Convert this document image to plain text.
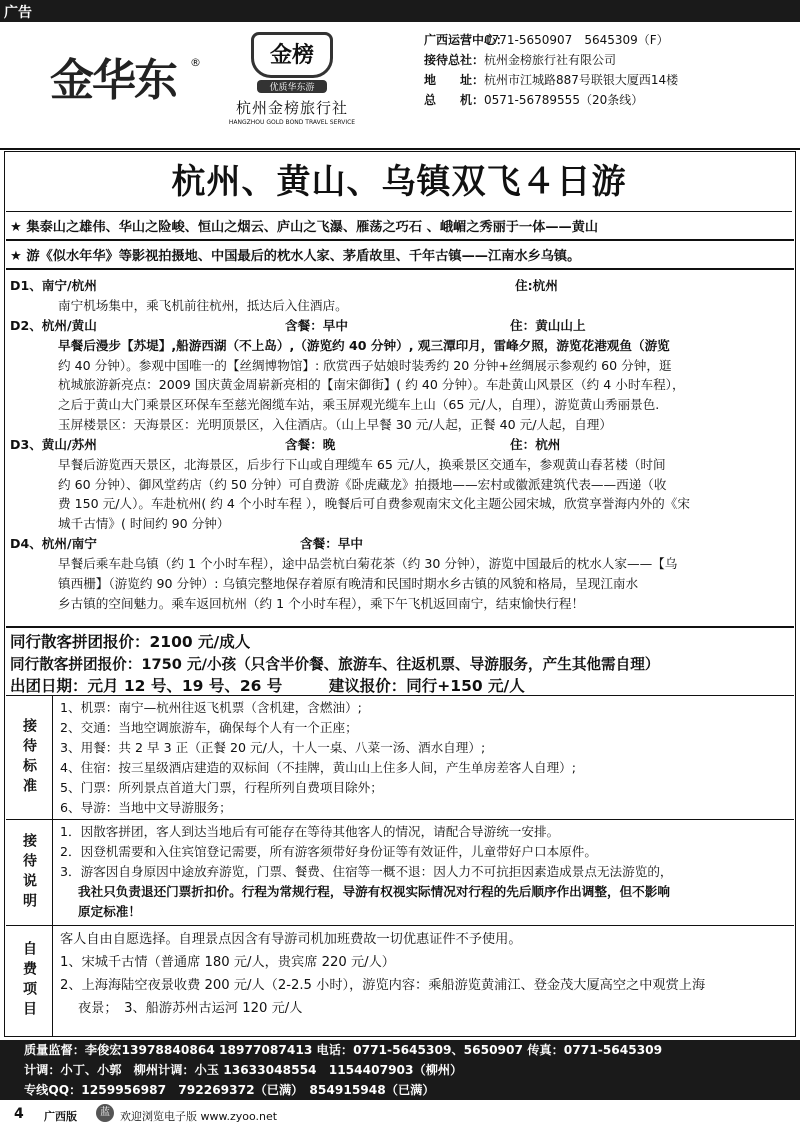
广告
金华东 ®	金榜
优质华东游
杭州金榜旅行社
HANGZHOU GOLD BOND TRAVEL SERVICE
广西运营中心：0771-5650907　5645309（F）
接待总社：杭州金榜旅行社有限公司
地　　址：杭州市江城路887号联银大厦西14楼
总　　机：0571-56789555（20条线）
杭州、黄山、乌镇双飞４日游
★ 集泰山之雄伟、华山之险峻、恒山之烟云、庐山之飞瀑、雁荡之巧石 、峨嵋之秀丽于一体——黄山
★ 游《似水年华》等影视拍摄地、中国最后的枕水人家、茅盾故里、千年古镇——江南水乡乌镇。
D1、南宁/杭州	住:杭州
南宁机场集中，乘飞机前往杭州，抵达后入住酒店。
D2、杭州/黄山	含餐：早中	住：黄山山上
早餐后漫步【苏堤】,船游西湖（不上岛）,（游览约 40 分钟）, 观三潭印月，雷峰夕照，游览花港观鱼（游览
约 40 分钟）。参观中国唯一的【丝绸博物馆】: 欣赏西子姑娘时装秀约 20 分钟+丝绸展示参观约 60 分钟，逛
杭城旅游新亮点：2009 国庆黄金周崭新亮相的【南宋御街】( 约 40 分钟）。车赴黄山风景区（约 4 小时车程），
之后于黄山大门乘景区环保车至慈光阁缆车站，乘玉屏观光缆车上山（65 元/人，自理），游览黄山秀丽景色.
玉屏楼景区：天海景区：光明顶景区，入住酒店。（山上早餐 30 元/人起，正餐 40 元/人起，自理）
D3、黄山/苏州	含餐：晚	住：杭州
早餐后游览西天景区，北海景区，后步行下山或自理缆车 65 元/人，换乘景区交通车，参观黄山春茗楼（时间
约 60 分钟）、御风堂药店（约 50 分钟）可自费游《卧虎藏龙》拍摄地——宏村或徽派建筑代表——西递（收
费 150 元/人）。车赴杭州( 约 4 个小时车程 ），晚餐后可自费参观南宋文化主题公园宋城，欣赏享誉海内外的《宋
城千古情》( 时间约 90 分钟）
D4、杭州/南宁	含餐：早中
早餐后乘车赴乌镇（约 1 个小时车程），途中品尝杭白菊花茶（约 30 分钟），游览中国最后的枕水人家——【乌
镇西栅】（游览约 90 分钟）: 乌镇完整地保存着原有晚清和民国时期水乡古镇的风貌和格局，呈现江南水
乡古镇的空间魅力。乘车返回杭州（约 1 个小时车程），乘下午飞机返回南宁，结束愉快行程！
同行散客拼团报价：2100 元/成人
同行散客拼团报价：1750 元/小孩（只含半价餐、旅游车、往返机票、导游服务，产生其他需自理）
出团日期：元月 12 号、19 号、26 号　　　建议报价：同行+150 元/人
接待标准
1、机票：南宁—杭州往返飞机票（含机建，含燃油）;
2、交通：当地空调旅游车，确保每个人有一个正座；
3、用餐：共 2 早 3 正（正餐 20 元/人，十人一桌、八菜一汤、酒水自理）;
4、住宿：按三星级酒店建造的双标间（不挂牌，黄山山上住多人间，产生单房差客人自理）;
5、门票：所列景点首道大门票，行程所列自费项目除外；
6、导游：当地中文导游服务；
接待说明
1．因散客拼团，客人到达当地后有可能存在等待其他客人的情况，请配合导游统一安排。
2．因登机需要和入住宾馆登记需要，所有游客须带好身份证等有效证件，儿童带好户口本原件。
3．游客因自身原因中途放弃游览，门票、餐费、住宿等一概不退：因人力不可抗拒因素造成景点无法游览的，
我社只负责退还门票折扣价。行程为常规行程，导游有权视实际情况对行程的先后顺序作出调整，但不影响
原定标准！
自费项目
客人自由自愿选择。自理景点因含有导游司机加班费故一切优惠证件不予使用。
1、宋城千古情（普通席 180 元/人，贵宾席 220 元/人）
2、上海海陆空夜景收费 200 元/人（2-2.5 小时），游览内容：乘船游览黄浦江、登金茂大厦高空之中观赏上海
夜景；　3、船游苏州古运河 120 元/人
质量监督：李俊宏13978840864 18977087413 电话：0771-5645309、5650907 传真：0771-5645309
计调：小丁、小郭　柳州计调：小玉 13633048554　1154407903（柳州）
专线QQ：1259956987　792269372（已满）　854915948（已满）
4 广西版	蓝 欢迎浏览电子版 www.zyoo.net
